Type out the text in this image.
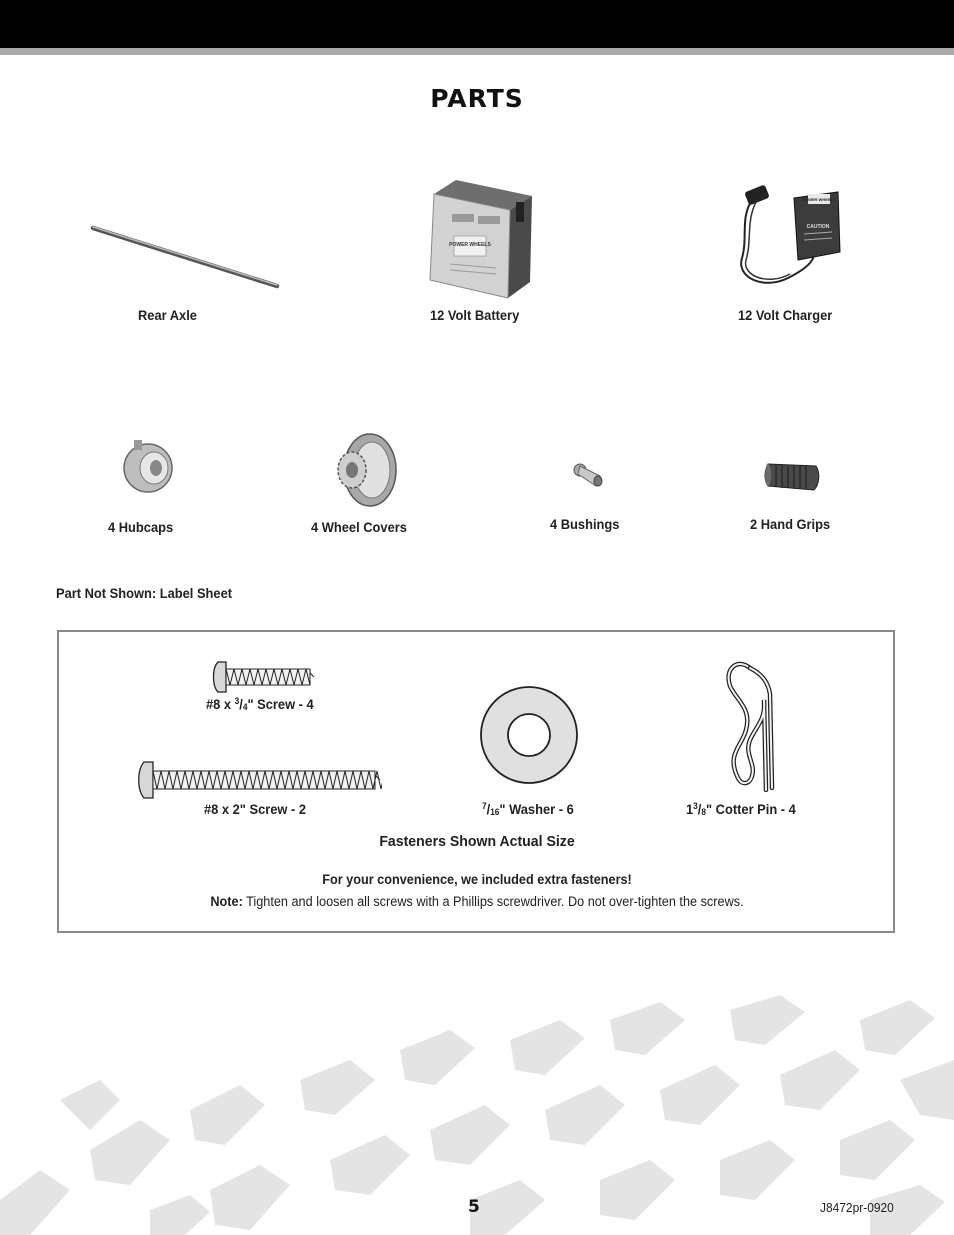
PARTS
Rear Axle
POWER WHEELS
12 Volt Battery
POWER WHEELS
CAUTION
12 Volt Charger
4 Hubcaps	4 Wheel Covers	4 Bushings	2 Hand Grips
Part Not Shown: Label Sheet
#8 x $^3$/4" Screw - 4
#8 x 2" Screw - 2	$^7$/16" Washer - 6	$1^3/8$" Cotter Pin - 4
Fasteners Shown Actual Size
For your convenience, we included extra fasteners!
Note: Tighten and loosen all screws with a Phillips screwdriver. Do not over-tighten the screws.
5	J8472pr-0920
